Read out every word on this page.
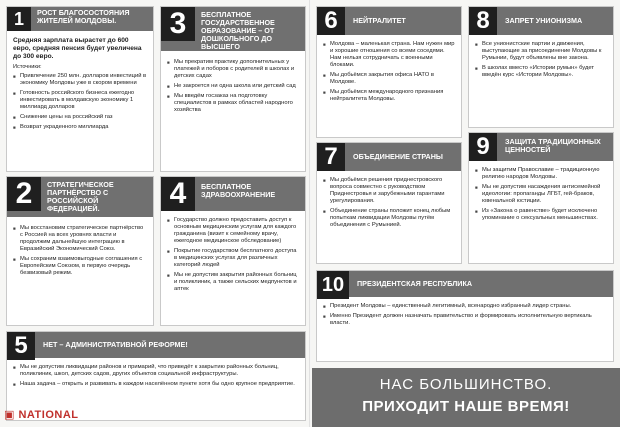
1	РОСТ БЛАГОСОСТОЯНИЯ ЖИТЕЛЕЙ МОЛДОВЫ.
Средняя зарплата вырастет до 600 евро, средняя пенсия будет увеличена до 300 евро.
Источники:
■ Привлечение 250 млн. долларов инвестиций в экономику Молдовы уже в скором времени
■ Готовность российского бизнеса ежегодно инвестировать в молдавскую экономику 1 миллиард долларов
■ Снижение цены на российский газ
■ Возврат украденного миллиарда
3	БЕСПЛАТНОЕ ГОСУДАРСТВЕННОЕ ОБРАЗОВАНИЕ – ОТ ДОШКОЛЬНОГО ДО ВЫСШЕГО
■ Мы прекратим практику дополнительных у платежей и поборов с родителей в школах и детских садах
■ Не закроется ни одна школа или детский сад
■ Мы введём госзаказ на подготовку специалистов в рамках областей народного хозяйства
2	СТРАТЕГИЧЕСКОЕ ПАРТНЁРСТВО С РОССИЙСКОЙ ФЕДЕРАЦИЕЙ.
■ Мы восстановим стратегическое партнёрство с Россией на всех уровнях власти и продолжим дальнейшую интеграцию в Евразийский Экономический Союз.
■ Мы сохраним взаимовыгодные соглашения с Европейским Союзом, в первую очередь безвизовый режим.
4	БЕСПЛАТНОЕ ЗДРАВООХРАНЕНИЕ
■ Государство должно предоставить доступ к основным медицинским услугам для каждого гражданина (визит к семейному врачу, ежегодное медицинское обследование)
■ Покрытие государством бесплатного доступа в медицинских услугах для различных категорий людей
■ Мы не допустим закрытия районных больниц и поликлиник, а также сельских медпунктов и аптек
5	НЕТ – АДМИНИСТРАТИВНОЙ РЕФОРМЕ!
■ Мы не допустим ликвидации районов и примарий, что приведёт к закрытию районных больниц, поликлиник, школ, детских садов, других объектов социальной инфраструктуры.
■ Наша задача – открыть и развивать в каждом населённом пункте хотя бы одно крупное предприятие.
6	НЕЙТРАЛИТЕТ
■ Молдова – маленькая страна. Нам нужен мир и хорошие отношения со всеми соседями. Нам нельзя сотрудничать с военными блоками.
■ Мы добьёмся закрытия офиса НАТО в Молдове.
■ Мы добьёмся международного признания нейтралитета Молдовы.
8	ЗАПРЕТ УНИОНИЗМА
■ Все унионистские партии и движения, выступающие за присоединение Молдовы к Румынии, будут объявлены вне закона.
■ В школах вместо «Истории румын» будет введён курс «Истории Молдовы».
7	ОБЪЕДИНЕНИЕ СТРАНЫ
■ Мы добьёмся решения приднестровского вопроса совместно с руководством Приднестровья и зарубежными гарантами урегулирования.
■ Объединение страны положит конец любым попыткам ликвидации Молдовы путём объединения с Румынией.
9	ЗАЩИТА ТРАДИЦИОННЫХ ЦЕННОСТЕЙ
■ Мы защитим Православие – традиционную религию народов Молдовы.
■ Мы не допустим насаждения антисемейной идеологии: пропаганды ЛГБТ, гей-браков, ювенальной юстиции.
■ Из «Закона о равенстве» будет исключено упоминание о сексуальных меньшинствах.
10	ПРЕЗИДЕНТСКАЯ РЕСПУБЛИКА
■ Президент Молдовы – единственный легитимный, всенародно избранный лидер страны.
■ Именно Президент должен назначать правительство и формировать исполнительную вертикаль власти.
НАС БОЛЬШИНСТВО.
ПРИХОДИТ НАШЕ ВРЕМЯ!
▣ NATIONAL
